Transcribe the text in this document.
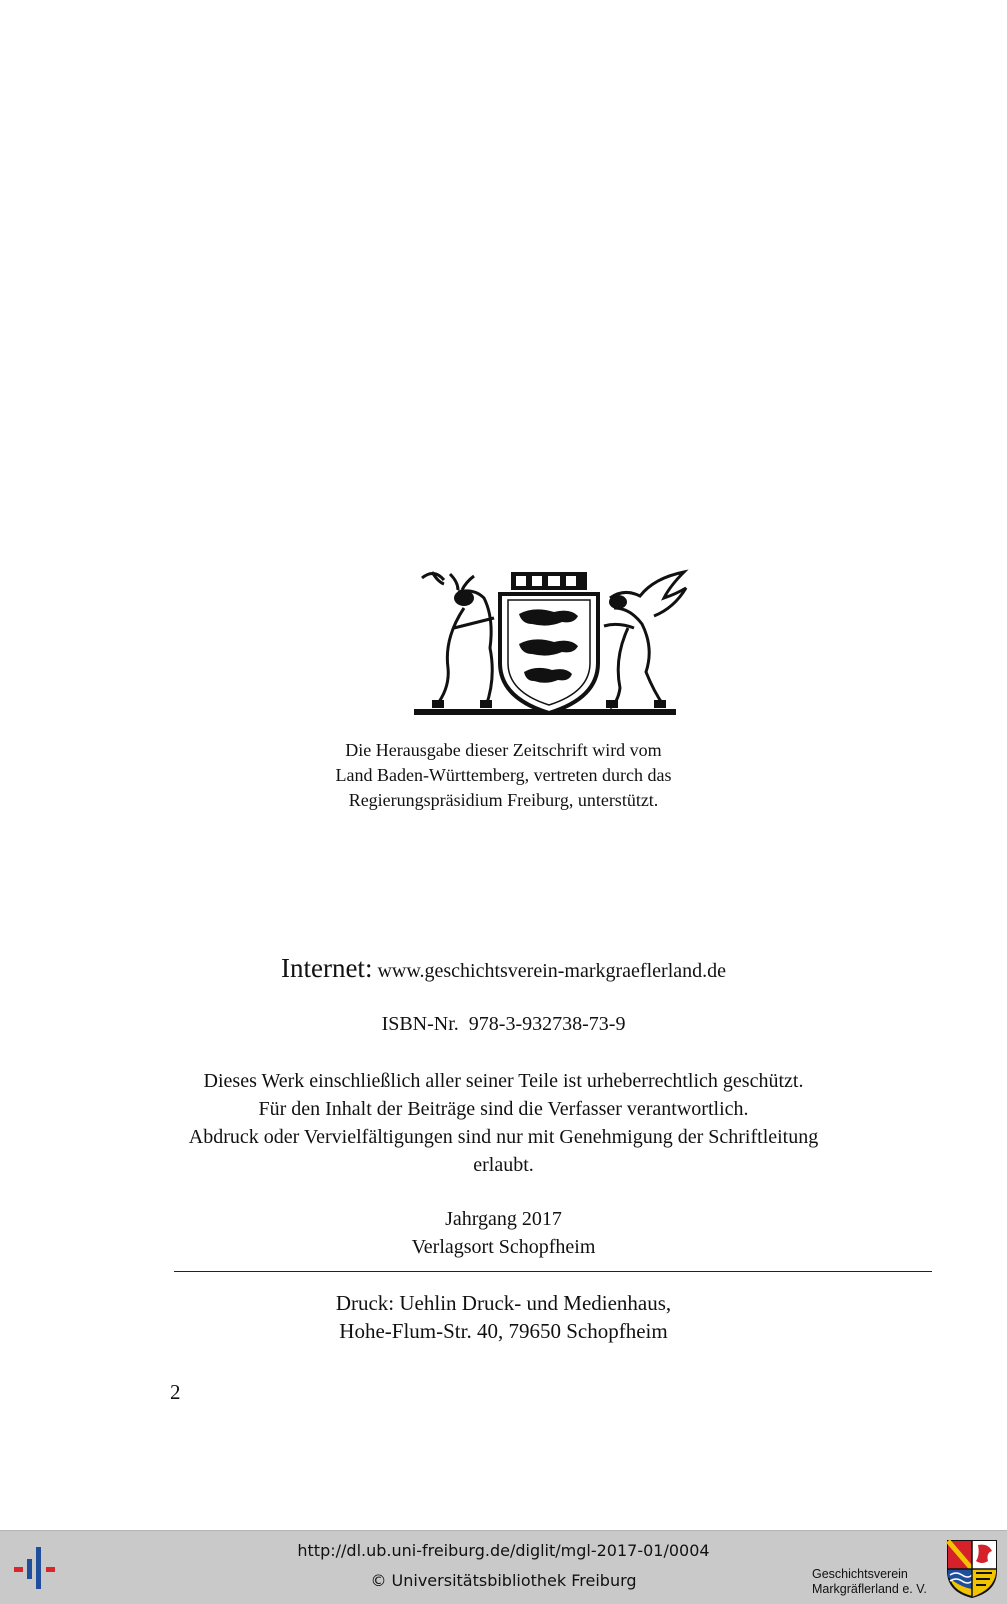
Die Herausgabe dieser Zeitschrift wird vom
Land Baden-Württemberg, vertreten durch das
Regierungspräsidium Freiburg, unterstützt.
Internet: www.geschichtsverein-markgraeflerland.de
ISBN-Nr. 978-3-932738-73-9
Dieses Werk einschließlich aller seiner Teile ist urheberrechtlich geschützt.
Für den Inhalt der Beiträge sind die Verfasser verantwortlich.
Abdruck oder Vervielfältigungen sind nur mit Genehmigung der Schriftleitung
erlaubt.
Jahrgang 2017
Verlagsort Schopfheim
Druck: Uehlin Druck- und Medienhaus,
Hohe-Flum-Str. 40, 79650 Schopfheim
2
http://dl.ub.uni-freiburg.de/diglit/mgl-2017-01/0004
© Universitätsbibliothek Freiburg	Geschichtsverein
Markgräflerland e. V.
